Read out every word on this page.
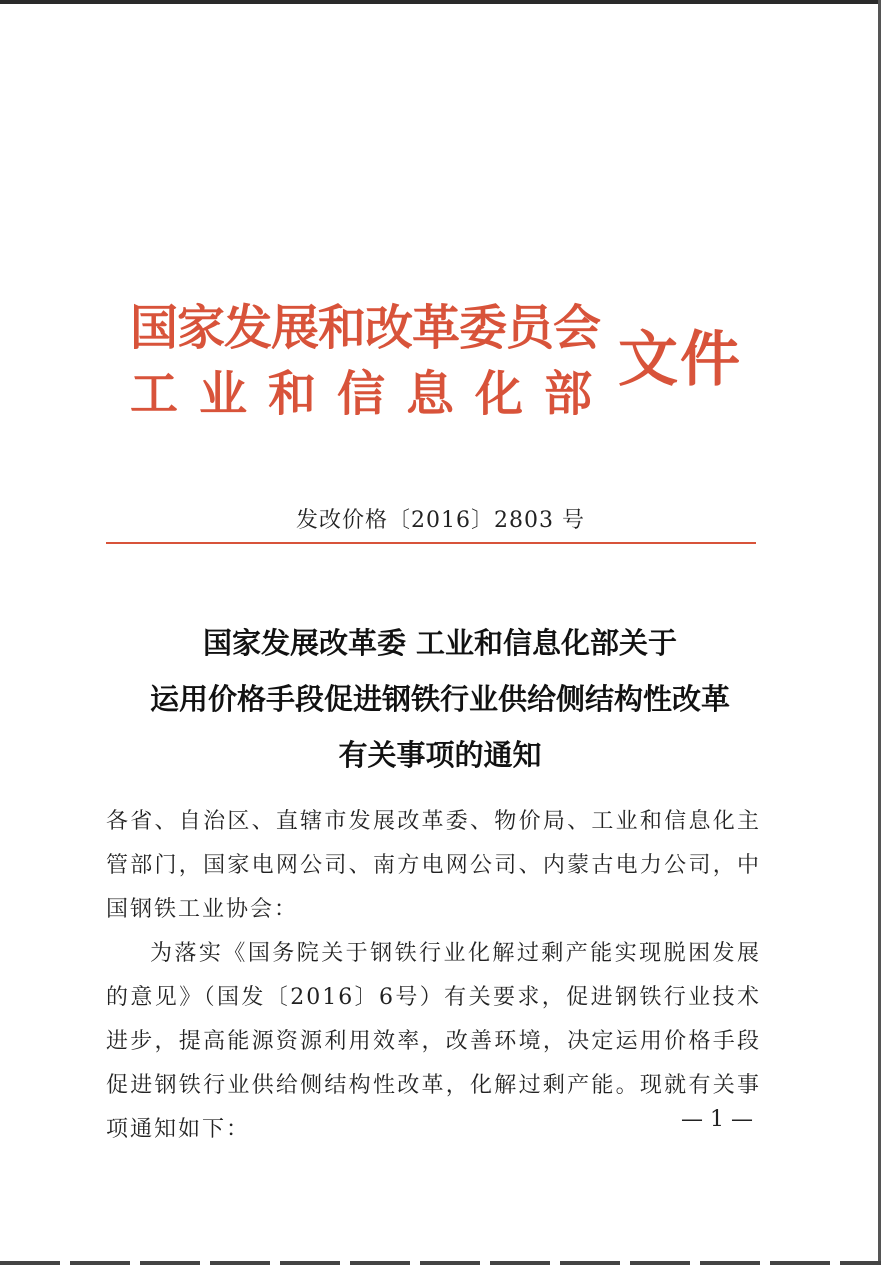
国家发展和改革委员会
工业和信息化部 文件
发改价格〔2016〕2803 号
国家发展改革委 工业和信息化部关于
运用价格手段促进钢铁行业供给侧结构性改革
有关事项的通知

各省、自治区、直辖市发展改革委、物价局、工业和信息化主管部门，国家电网公司、南方电网公司、内蒙古电力公司，中国钢铁工业协会：

为落实《国务院关于钢铁行业化解过剩产能实现脱困发展的意见》（国发〔2016〕6号）有关要求，促进钢铁行业技术进步，提高能源资源利用效率，改善环境，决定运用价格手段促进钢铁行业供给侧结构性改革，化解过剩产能。现就有关事项通知如下：	— 1 —
